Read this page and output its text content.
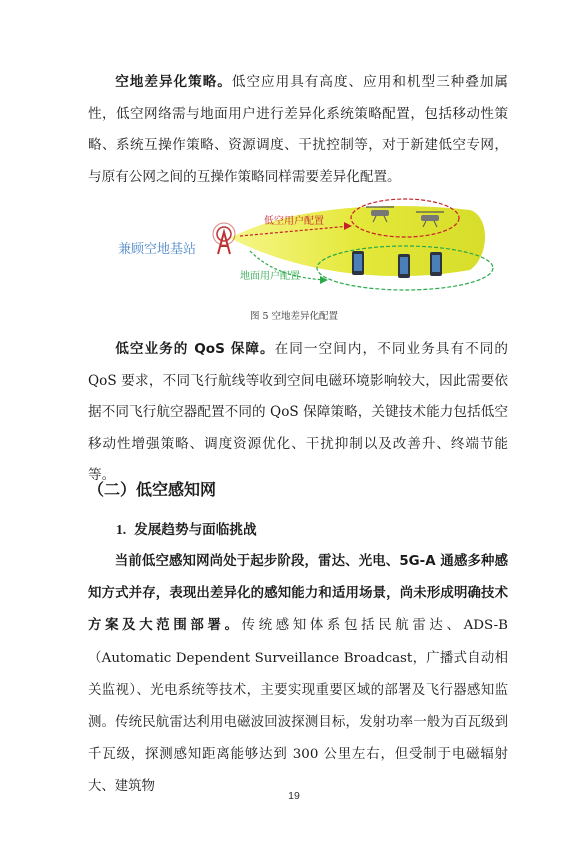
空地差异化策略。低空应用具有高度、应用和机型三种叠加属性，低空网络需与地面用户进行差异化系统策略配置，包括移动性策略、系统互操作策略、资源调度、干扰控制等，对于新建低空专网，与原有公网之间的互操作策略同样需要差异化配置。

兼顾空地基站
低空用户配置
地面用户配置
图 5 空地差异化配置

低空业务的 QoS 保障。在同一空间内，不同业务具有不同的 QoS 要求，不同飞行航线等收到空间电磁环境影响较大，因此需要依据不同飞行航空器配置不同的 QoS 保障策略，关键技术能力包括低空移动性增强策略、调度资源优化、干扰抑制以及改善升、终端节能等。

（二）低空感知网
1. 发展趋势与面临挑战

当前低空感知网尚处于起步阶段，雷达、光电、5G-A 通感多种感知方式并存，表现出差异化的感知能力和适用场景，尚未形成明确技术方案及大范围部署。传统感知体系包括民航雷达、ADS-B（Automatic Dependent Surveillance Broadcast，广播式自动相关监视）、光电系统等技术，主要实现重要区域的部署及飞行器感知监测。传统民航雷达利用电磁波回波探测目标，发射功率一般为百瓦级到千瓦级，探测感知距离能够达到 300 公里左右，但受制于电磁辐射大、建筑物

19
